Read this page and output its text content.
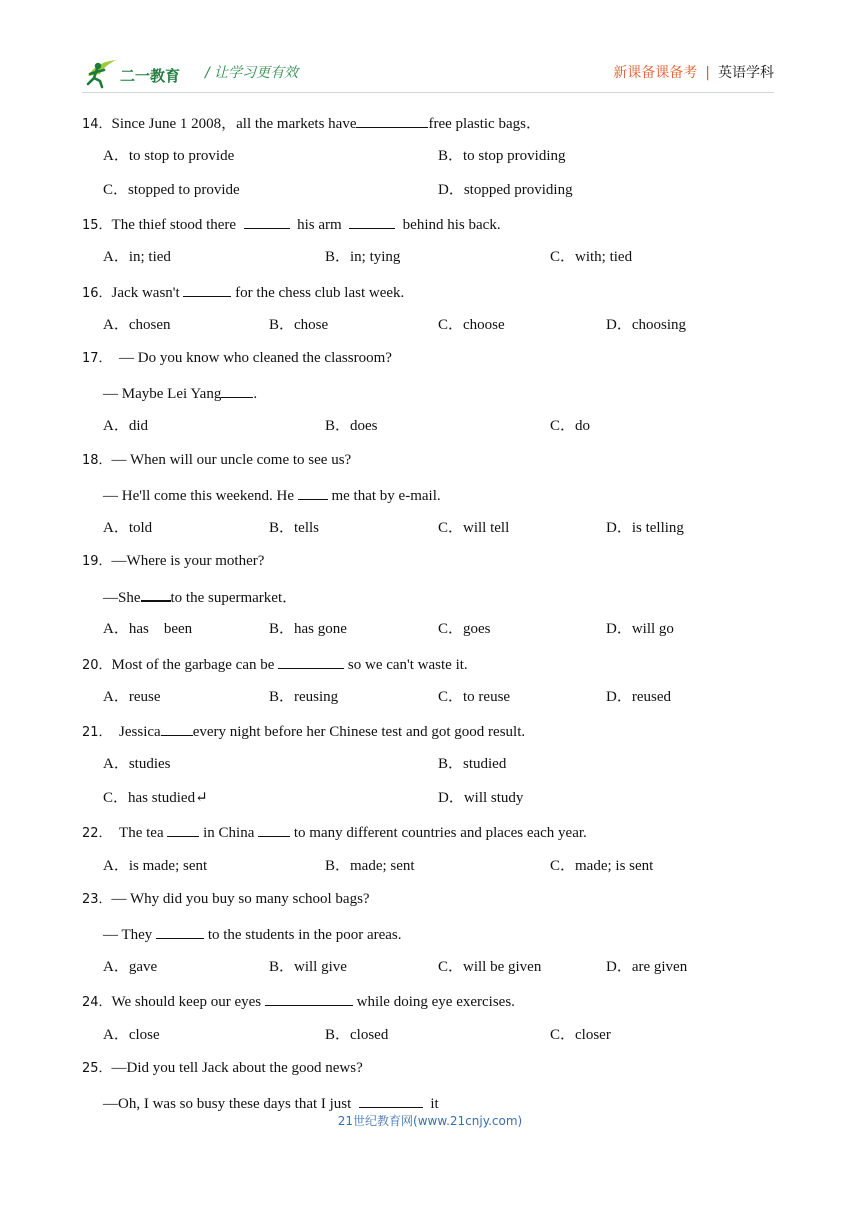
二一教育 / 让学习更有效	新课备课备考 | 英语学科
14．Since June 1 2008，all the markets have	free plastic bags．
A．to stop to provide	B．to stop providing
C．stopped to provide	D．stopped providing
15．The thief stood there	his arm	behind his back.
A．in; tied	B．in; tying	C．with; tied
16．Jack wasn't	for the chess club last week.
A．chosen	B．chose	C．choose	D．choosing
17． — Do you know who cleaned the classroom?
— Maybe Lei Yang .
A．did	B．does	C．do
18．— When will our uncle come to see us?
— He'll come this weekend. He	me that by e-mail.
A．told	B．tells	C．will tell	D．is telling
19．—Where is your mother?
—She to the supermarket．
A．has    been	B．has gone	C．goes	D．will go
20．Most of the garbage can be	so we can't waste it.
A．reuse	B．reusing	C．to reuse	D．reused
21． Jessica every night before her Chinese test and got good result.
A．studies	B．studied
C．has studied↵	D．will study
22． The tea	in China	to many different countries and places each year.
A．is made; sent	B．made; sent	C．made; is sent
23．— Why did you buy so many school bags?
— They	to the students in the poor areas.
A．gave	B．will give	C．will be given	D．are given
24．We should keep our eyes	while doing eye exercises.
A．close	B．closed	C．closer
25．—Did you tell Jack about the good news?
—Oh, I was so busy these days that I just	it
21世纪教育网(www.21cnjy.com)
